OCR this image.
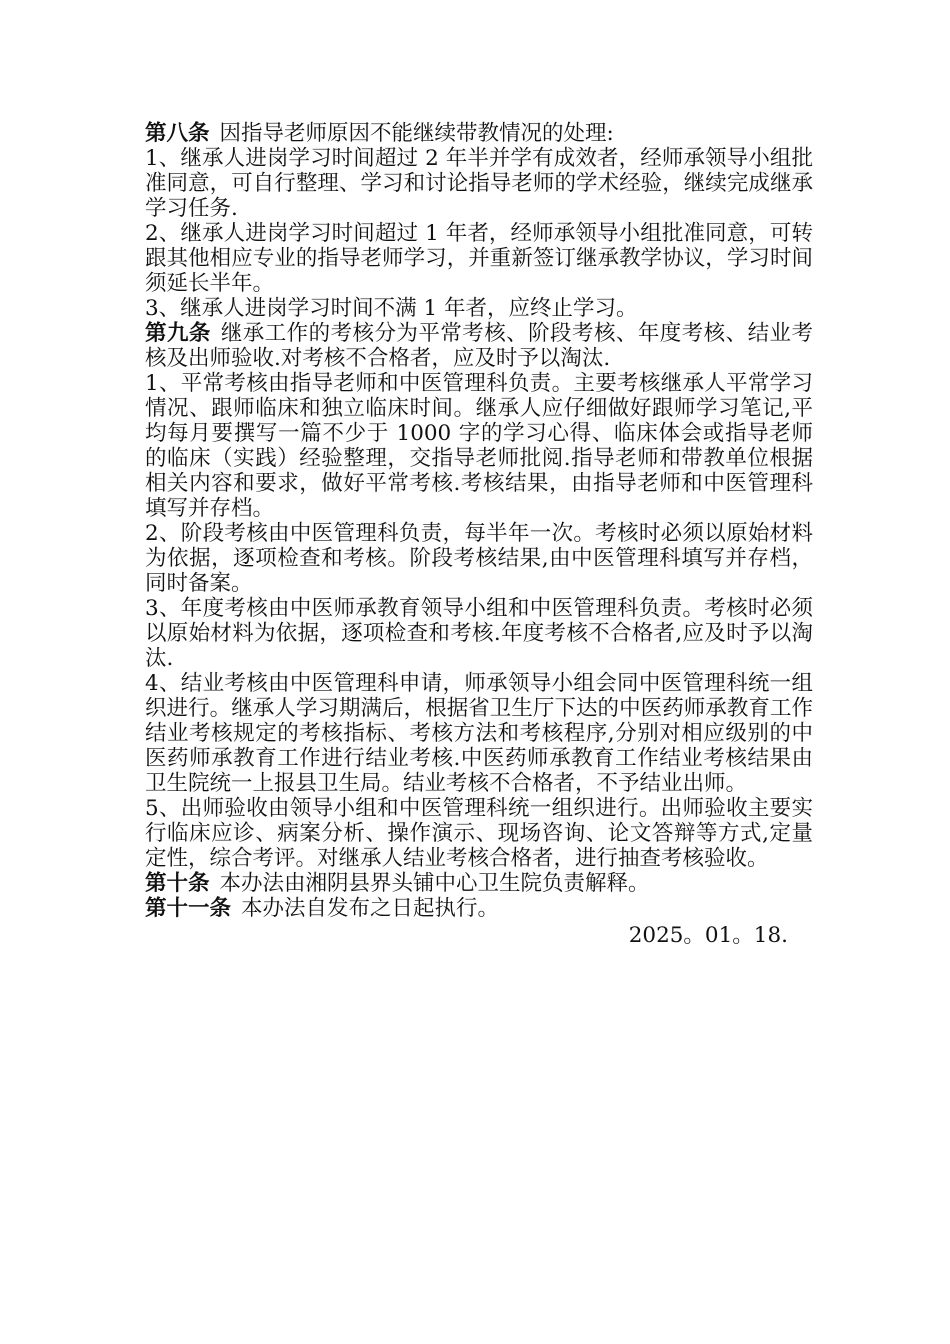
第八条 因指导老师原因不能继续带教情况的处理:

1、继承人进岗学习时间超过 2 年半并学有成效者，经师承领导小组批准同意，可自行整理、学习和讨论指导老师的学术经验，继续完成继承学习任务.

2、继承人进岗学习时间超过 1 年者，经师承领导小组批准同意，可转跟其他相应专业的指导老师学习，并重新签订继承教学协议，学习时间须延长半年。

3、继承人进岗学习时间不满 1 年者，应终止学习。

第九条 继承工作的考核分为平常考核、阶段考核、年度考核、结业考核及出师验收.对考核不合格者，应及时予以淘汰.

1、平常考核由指导老师和中医管理科负责。主要考核继承人平常学习情况、跟师临床和独立临床时间。继承人应仔细做好跟师学习笔记,平均每月要撰写一篇不少于 1000 字的学习心得、临床体会或指导老师的临床（实践）经验整理，交指导老师批阅.指导老师和带教单位根据相关内容和要求，做好平常考核.考核结果，由指导老师和中医管理科填写并存档。

2、阶段考核由中医管理科负责，每半年一次。考核时必须以原始材料为依据，逐项检查和考核。阶段考核结果,由中医管理科填写并存档，同时备案。

3、年度考核由中医师承教育领导小组和中医管理科负责。考核时必须以原始材料为依据，逐项检查和考核.年度考核不合格者,应及时予以淘汰.

4、结业考核由中医管理科申请，师承领导小组会同中医管理科统一组织进行。继承人学习期满后，根据省卫生厅下达的中医药师承教育工作结业考核规定的考核指标、考核方法和考核程序,分别对相应级别的中医药师承教育工作进行结业考核.中医药师承教育工作结业考核结果由卫生院统一上报县卫生局。结业考核不合格者，不予结业出师。

5、出师验收由领导小组和中医管理科统一组织进行。出师验收主要实行临床应诊、病案分析、操作演示、现场咨询、论文答辩等方式,定量定性，综合考评。对继承人结业考核合格者，进行抽查考核验收。

第十条 本办法由湘阴县界头铺中心卫生院负责解释。

第十一条 本办法自发布之日起执行。

2025。01。18.
